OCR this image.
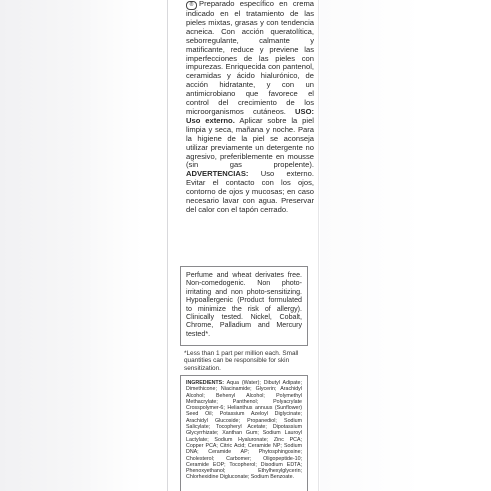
® Preparado específico en crema indicado en el tratamiento de las pieles mixtas, grasas y con tendencia acneica. Con acción queratolítica, seborregulante, calmante y matificante, reduce y previene las imperfecciones de las pieles con impurezas. Enriquecida con pantenol, ceramidas y ácido hialurónico, de acción hidratante, y con un antimicrobiano que favorece el control del crecimiento de los microorganismos cutáneos. USO: Uso externo. Aplicar sobre la piel limpia y seca, mañana y noche. Para la higiene de la piel se aconseja utilizar previamente un detergente no agresivo, preferiblemente en mousse (sin gas propelente). ADVERTENCIAS: Uso externo. Evitar el contacto con los ojos, contorno de ojos y mucosas; en caso necesario lavar con agua. Preservar del calor con el tapón cerrado.

Perfume and wheat derivates free. Non-comedogenic. Non photo-irritating and non photo-sensitizing. Hypoallergenic (Product formulated to minimize the risk of allergy). Clinically tested. Nickel, Cobalt, Chrome, Palladium and Mercury tested*.

*Less than 1 part per million each. Small quantities can be responsible for skin sensitization.

INGREDIENTS: Aqua (Water); Dibutyl Adipate; Dimethicone; Niacinamide; Glycerin; Arachidyl Alcohol; Behenyl Alcohol; Polymethyl Methacrylate; Panthenol; Polyacrylate Crosspolymer-6; Helianthus annuus (Sunflower) Seed Oil; Potassium Azeloyl Diglycinate; Arachidyl Glucoside; Propanediol; Sodium Salicylate; Tocopheryl Acetate; Dipotassium Glycyrrhizate; Xanthan Gum; Sodium Lauroyl Lactylate; Sodium Hyaluronate; Zinc PCA; Copper PCA; Citric Acid; Ceramide NP; Sodium DNA; Ceramide AP; Phytosphingosine; Cholesterol; Carbomer; Oligopeptide-10; Ceramide EOP; Tocopherol; Disodium EDTA; Phenoxyethanol; Ethylhexylglycerin; Chlorhexidine Digluconate; Sodium Benzoate.
